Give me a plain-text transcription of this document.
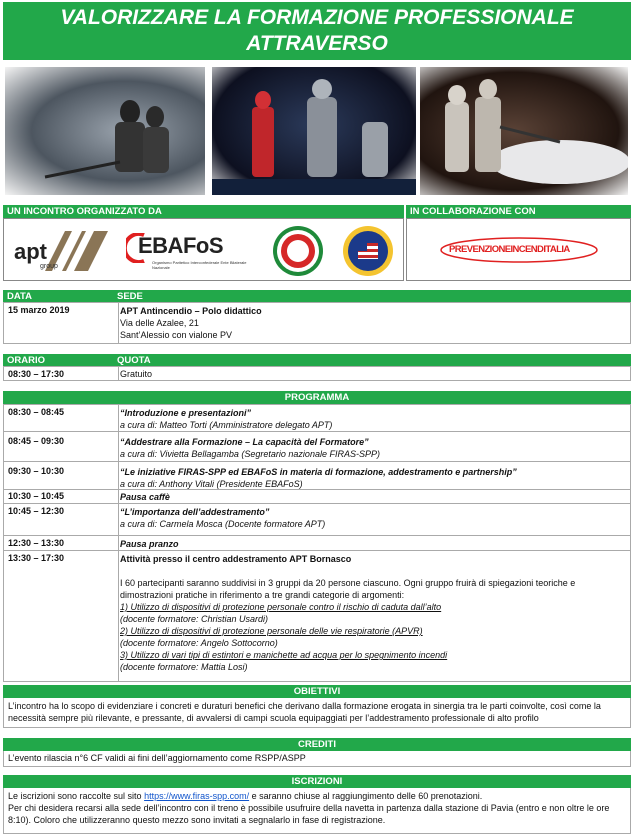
VALORIZZARE LA FORMAZIONE PROFESSIONALE ATTRAVERSO
UN INCONTRO ORGANIZZATO DA	IN COLLABORAZIONE CON
apt
group
EBAFoS
Organismo Paritetico Interconfederale Ente Bilaterale Nazionale
PREVENZIONEINCENDITALIA
DATA	SEDE
15 marzo 2019	APT Antincendio – Polo didattico
Via delle Azalee, 21
Sant’Alessio con vialone PV
ORARIO	QUOTA
08:30 – 17:30	Gratuito
PROGRAMMA
08:30 – 08:45	“Introduzione e presentazioni”
a cura di: Matteo Torti (Amministratore delegato APT)
08:45 – 09:30	“Addestrare alla Formazione – La capacità del Formatore”
a cura di: Vivietta Bellagamba (Segretario nazionale FIRAS-SPP)
09:30 – 10:30	“Le iniziative FIRAS-SPP ed EBAFoS in materia di formazione, addestramento e partnership”
a cura di: Anthony Vitali (Presidente EBAFoS)
10:30 – 10:45	Pausa caffè
10:45 – 12:30	“L’importanza dell’addestramento”
a cura di: Carmela Mosca (Docente formatore APT)
12:30 – 13:30	Pausa pranzo
13:30 – 17:30	Attività presso il centro addestramento APT Bornasco
I 60 partecipanti saranno suddivisi in 3 gruppi da 20 persone ciascuno. Ogni gruppo fruirà di spiegazioni teoriche e dimostrazioni pratiche in riferimento a tre grandi categorie di argomenti:
1) Utilizzo di dispositivi di protezione personale contro il rischio di caduta dall’alto
(docente formatore: Christian Usardi)
2) Utilizzo di dispositivi di protezione personale delle vie respiratorie (APVR)
(docente formatore: Angelo Sottocorno)
3) Utilizzo di vari tipi di estintori e manichette ad acqua per lo spegnimento incendi
(docente formatore: Mattia Losi)
OBIETTIVI
L’incontro ha lo scopo di evidenziare i concreti e duraturi benefici che derivano dalla formazione erogata in sinergia tra le parti coinvolte, così come la necessità sempre più rilevante, e pressante, di avvalersi di campi scuola equipaggiati per l’addestramento professionale di alto profilo
CREDITI
L’evento rilascia n°6 CF validi ai fini dell’aggiornamento come RSPP/ASPP
ISCRIZIONI
Le iscrizioni sono raccolte sul sito https://www.firas-spp.com/ e saranno chiuse al raggiungimento delle 60 prenotazioni.
Per chi desidera recarsi alla sede dell’incontro con il treno è possibile usufruire della navetta in partenza dalla stazione di Pavia (entro e non oltre le ore 8:10). Coloro che utilizzeranno questo mezzo sono invitati a segnalarlo in fase di registrazione.
